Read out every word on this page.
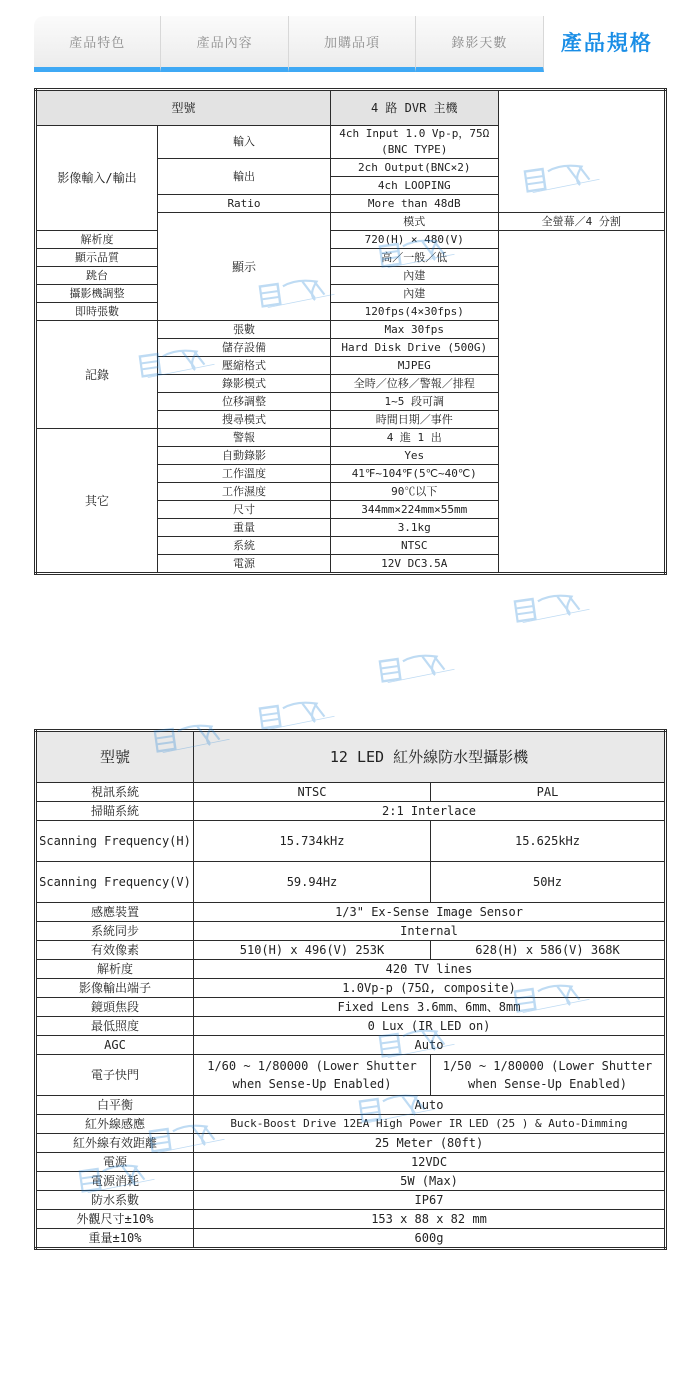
產品特色	產品內容	加購品項	錄影天數	產品規格
型號		4 路 DVR 主機	
影像輸入/輸出	輸入	4ch Input 1.0 Vp-p，75Ω (BNC TYPE)	
	輸出	2ch Output(BNC×2)	
		4ch LOOPING	
	Ratio	More than 48dB	
	顯示	模式	全螢幕／4 分割
解析度		720(H) × 480(V)	
顯示品質		高／一般／低	
跳台		內建	
攝影機調整		內建	
即時張數		120fps(4×30fps)	
記錄	張數	Max 30fps	
	儲存設備	Hard Disk Drive (500G)	
	壓縮格式	MJPEG	
	錄影模式	全時／位移／警報／排程	
	位移調整	1~5 段可調	
	搜尋模式	時間日期／事件	
其它	警報	4 進 1 出	
	自動錄影	Yes	
	工作溫度	41℉~104℉(5℃~40℃)	
	工作濕度	90℃以下	
	尺寸	344mm×224mm×55mm	
	重量	3.1kg	
	系統	NTSC	
	電源	12V DC3.5A	
型號	12 LED 紅外線防水型攝影機	
視訊系統	NTSC	PAL
掃瞄系統	2:1 Interlace	
Scanning Frequency(H)	15.734kHz	15.625kHz
Scanning Frequency(V)	59.94Hz	50Hz
感應裝置	1/3" Ex-Sense Image Sensor	
系統同步	Internal	
有效像素	510(H) x 496(V) 253K	628(H) x 586(V) 368K
解析度	420 TV lines	
影像輸出端子	1.0Vp-p (75Ω, composite)	
鏡頭焦段	Fixed Lens 3.6mm、6mm、8mm	
最低照度	0 Lux (IR LED on)	
AGC	Auto	
電子快門	1/60 ~ 1/80000 (Lower Shutter when Sense-Up Enabled)	1/50 ~ 1/80000 (Lower Shutter when Sense-Up Enabled)
白平衡	Auto	
紅外線感應	Buck-Boost Drive 12EA High Power IR LED (25 ) & Auto-Dimming	
紅外線有效距離	25 Meter (80ft)	
電源	12VDC	
電源消耗	5W (Max)	
防水系數	IP67	
外觀尺寸±10%	153 x 88 x 82 mm	
重量±10%	600g	
